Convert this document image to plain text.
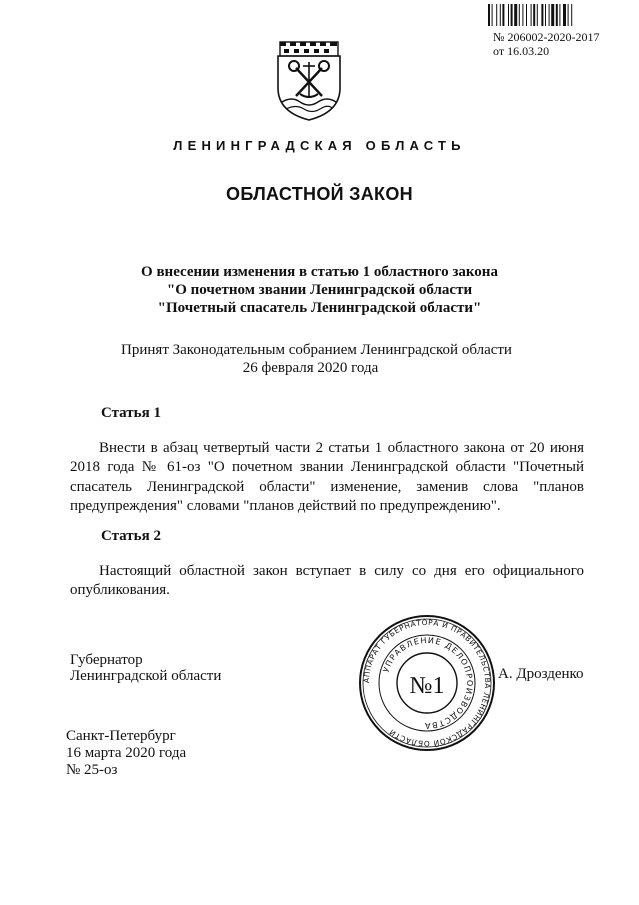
№ 206002-2020-2017
от 16.03.20
ЛЕНИНГРАДСКАЯ ОБЛАСТЬ
ОБЛАСТНОЙ ЗАКОН
О внесении изменения в статью 1 областного закона
"О почетном звании Ленинградской области
"Почетный спасатель Ленинградской области"
Принят Законодательным собранием Ленинградской области
26 февраля 2020 года
Статья 1
Внести в абзац четвертый части 2 статьи 1 областного закона от 20 июня
2018 года № 61-оз "О почетном звании Ленинградской области "Почетный
спасатель Ленинградской области" изменение, заменив слова "планов
предупреждения" словами "планов действий по предупреждению".
Статья 2
Настоящий областной закон вступает в силу со дня его официального
опубликования.
Губернатор
Ленинградской области	А. Дрозденко
АППАРАТ ГУБЕРНАТОРА И ПРАВИТЕЛЬСТВА ЛЕНИНГРАДСКОЙ ОБЛАСТИ
УПРАВЛЕНИЕ ДЕЛОПРОИЗВОДСТВА
№1
Санкт-Петербург
16 марта 2020 года
№ 25-оз
